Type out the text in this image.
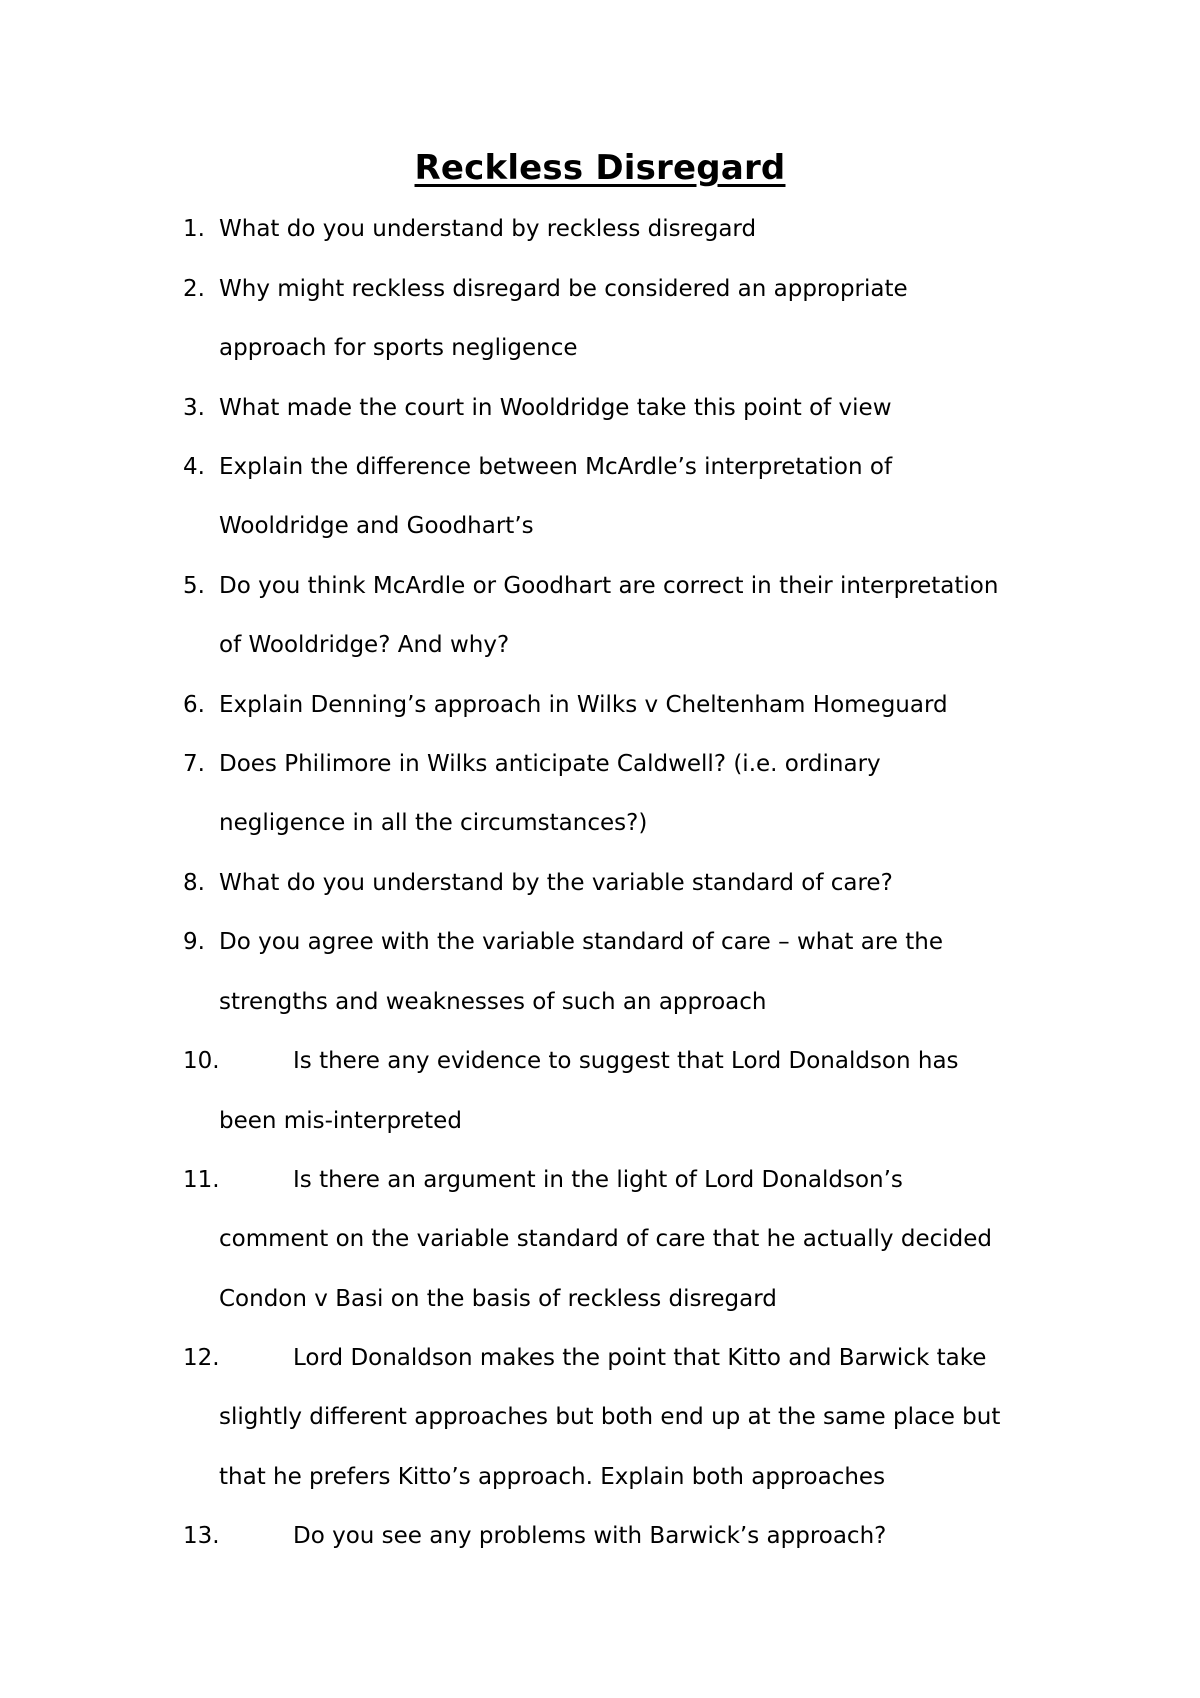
Reckless Disregard
1. What do you understand by reckless disregard
2. Why might reckless disregard be considered an appropriate
approach for sports negligence
3. What made the court in Wooldridge take this point of view
4. Explain the difference between McArdle’s interpretation of
Wooldridge and Goodhart’s
5. Do you think McArdle or Goodhart are correct in their interpretation
of Wooldridge? And why?
6. Explain Denning’s approach in Wilks v Cheltenham Homeguard
7. Does Philimore in Wilks anticipate Caldwell? (i.e. ordinary
negligence in all the circumstances?)
8. What do you understand by the variable standard of care?
9. Do you agree with the variable standard of care – what are the
strengths and weaknesses of such an approach
10.	Is there any evidence to suggest that Lord Donaldson has
been mis-interpreted
11.	Is there an argument in the light of Lord Donaldson’s
comment on the variable standard of care that he actually decided
Condon v Basi on the basis of reckless disregard
12.	Lord Donaldson makes the point that Kitto and Barwick take
slightly different approaches but both end up at the same place but
that he prefers Kitto’s approach. Explain both approaches
13.	Do you see any problems with Barwick’s approach?
